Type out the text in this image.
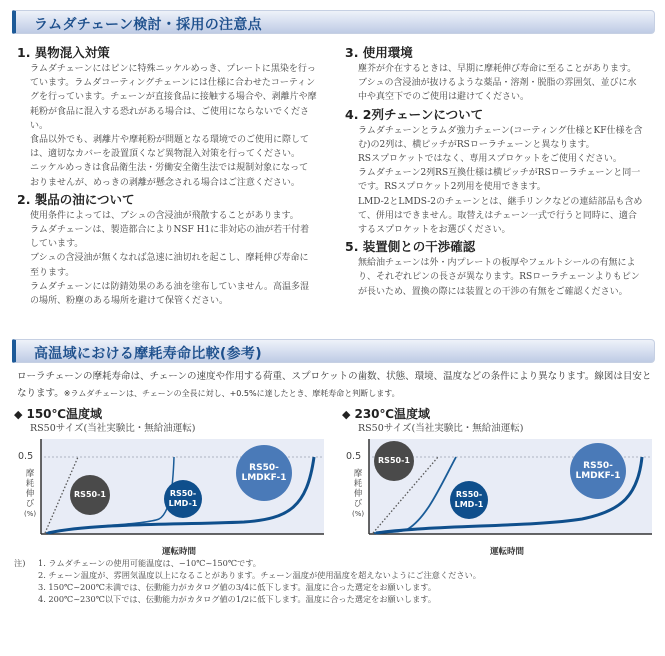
ラムダチェーン検討・採用の注意点
1. 異物混入対策

ラムダチェーンにはピンに特殊ニッケルめっき、プレートに黒染を行っています。ラムダコーティングチェーンには仕様に合わせたコーティングを行っています。チェーンが直接食品に接触する場合や、剥離片や摩耗粉が食品に混入する恐れがある場合は、ご使用にならないでください。

食品以外でも、剥離片や摩耗粉が問題となる環境でのご使用に際しては、適切なカバーを設置頂くなど異物混入対策を行ってください。

ニッケルめっきは食品衛生法・労働安全衛生法では規制対象になっておりませんが、めっきの剥離が懸念される場合はご注意ください。

2. 製品の油について

使用条件によっては、ブシュの含浸油が飛散することがあります。

ラムダチェーンは、製造都合によりNSF H1に非対応の油が若干付着しています。

ブシュの含浸油が無くなれば急速に油切れを起こし、摩耗伸び寿命に至ります。

ラムダチェーンには防錆効果のある油を塗布していません。高温多湿の場所、粉塵のある場所を避けて保管ください。

3. 使用環境

塵芥が介在するときは、早期に摩耗伸び寿命に至ることがあります。

ブシュの含浸油が抜けるような薬品・溶剤・脱脂の雰囲気、並びに水中や真空下でのご使用は避けてください。

4. 2列チェーンについて

ラムダチェーンとラムダ強力チェーン(コーティング仕様とKF仕様を含む)の2列は、横ピッチがRSローラチェーンと異なります。

RSスプロケットではなく、専用スプロケットをご使用ください。

ラムダチェーン2列RS互換仕様は横ピッチがRSローラチェーンと同一です。RSスプロケット2列用を使用できます。

LMD-2とLMDS-2のチェーンとは、継手リンクなどの連結部品も含めて、併用はできません。取替えはチェーン一式で行うと同時に、適合するスプロケットをお選びください。

5. 装置側との干渉確認

無給油チェーンは外・内プレートの板厚やフェルトシールの有無により、それぞれピンの長さが異なります。RSローラチェーンよりもピンが長いため、置換の際には装置との干渉の有無をご確認ください。

高温域における摩耗寿命比較(参考)
ローラチェーンの摩耗寿命は、チェーンの速度や作用する荷重、スプロケットの歯数、状態、環境、温度などの条件により異なります。線図は目安となります。※ラムダチェーンは、チェーンの全長に対し、+0.5%に達したとき、摩耗寿命と判断します。
◆ 150℃温度域
RS50サイズ(当社実験比・無給油運転)
0.5
摩
耗
伸
び
(%)
RS50-1	RS50-
LMD-1
RS50-
LMDKF-1
運転時間
◆ 230℃温度域
RS50サイズ(当社実験比・無給油運転)
0.5
摩
耗
伸
び
(%)
RS50-1
RS50-
LMD-1
RS50-
LMDKF-1
運転時間
注) 1. ラムダチェーンの使用可能温度は、−10℃~150℃です。
2. チェーン温度が、雰囲気温度以上になることがあります。チェーン温度が使用温度を超えないようにご注意ください。
3. 150℃~200℃未満では、伝動能力がカタログ値の3/4に低下します。温度に合った選定をお願いします。
4. 200℃~230℃以下では、伝動能力がカタログ値の1/2に低下します。温度に合った選定をお願いします。
